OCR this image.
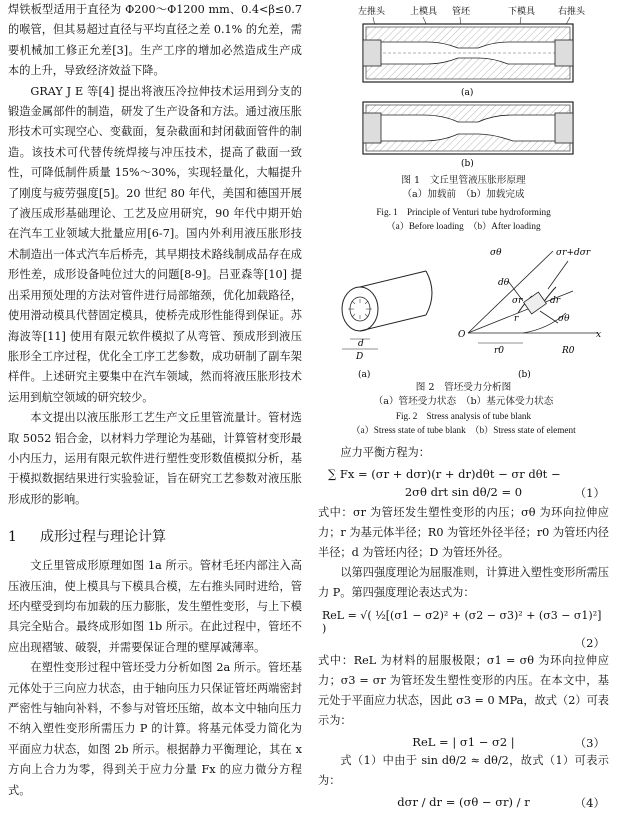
焊铁板型适用于直径为 Φ200～Φ1200 mm、0.4<β≤0.7 的喉管，但其易超过直径与平均直径之差 0.1% 的允差，需要机械加工修正允差[3]。生产工序的增加必然造成生产成本的上升，导致经济效益下降。

GRAY J E 等[4] 提出将液压冷拉伸技术运用到分支的锻造金属部件的制造，研发了生产设备和方法。通过液压胀形技术可实现空心、变截面，复杂截面和封闭截面管件的制造。该技术可代替传统焊接与冲压技术，提高了截面一致性，可降低制件质量 15%～30%，实现轻量化，大幅提升了刚度与疲劳强度[5]。20 世纪 80 年代，美国和德国开展了液压成形基础理论、工艺及应用研究，90 年代中期开始在汽车工业领域大批量应用[6-7]。国内外利用液压胀形技术制造出一体式汽车后桥壳，其早期技术路线制成品存在成形性差，成形设备吨位过大的问题[8-9]。吕亚森等[10] 提出采用预处理的方法对管件进行局部缩颈，优化加载路径，使用滑动模具代替固定模具，使桥壳成形性能得到保证。苏海波等[11] 使用有限元软件模拟了从弯管、预成形到液压胀形全工序过程，优化全工序工艺参数，成功研制了副车架样件。上述研究主要集中在汽车领域，然而将液压胀形技术运用到航空领域的研究较少。

本文提出以液压胀形工艺生产文丘里管流量计。管材选取 5052 铝合金，以材料力学理论为基础，计算管材变形最小内压力，运用有限元软件进行塑性变形数值模拟分析，基于模拟数据结果进行实验验证，旨在研究工艺参数对液压胀形成形的影响。

1 成形过程与理论计算

文丘里管成形原理如图 1a 所示。管材毛坯内部注入高压液压油，使上模具与下模具合模，左右推头同时进给，管坯内壁受到均布加载的压力膨胀，发生塑性变形，与上下模具完全贴合。最终成形如图 1b 所示。在此过程中，管坯不应出现褶皱、破裂，并需要保证合理的壁厚减薄率。

在塑性变形过程中管坯受力分析如图 2a 所示。管坯基元体处于三向应力状态，由于轴向压力只保证管坯两端密封严密性与轴向补料，不参与对管坯压缩，故本文中轴向压力不纳入塑性变形所需压力 P 的计算。将基元体受力简化为平面应力状态，如图 2b 所示。根据静力平衡理论，其在 x 方向上合力为零，得到关于应力分量 Fx 的应力微分方程式。

左推头	上模具 管坯	下模具	右推头
(a)
(b)

图 1　文丘里管液压胀形原理

（a）加载前　（b）加载完成

Fig. 1　Principle of Venturi tube hydroforming

（a）Before loading　（b）After loading

d
D
(a)
σθ	σr+dσr
dθ
σr
r
dr
σθ
O	x
r0	R0
(b)

图 2　管坯受力分析图

（a）管坯受力状态　（b）基元体受力状态

Fig. 2　Stress analysis of tube blank

（a）Stress state of tube blank　（b）Stress state of element

应力平衡方程为：

∑ Fx = (σr + dσr)(r + dr)dθt − σr dθt −

2σθ drt sin dθ/2 = 0	（1）

式中：σr 为管坯发生塑性变形的内压；σθ 为环向拉伸应力；r 为基元体半径；R0 为管坯外径半径；r0 为管坯内径半径；d 为管坯内径；D 为管坯外径。

以第四强度理论为屈服准则，计算进入塑性变形所需压力 P。第四强度理论表达式为：

ReL = √( ½[(σ1 − σ2)² + (σ2 − σ3)² + (σ3 − σ1)²] )

（2）

式中：ReL 为材料的屈服极限；σ1 = σθ 为环向拉伸应力；σ3 = σr 为管坯发生塑性变形的内压。在本文中，基元处于平面应力状态，因此 σ3 = 0 MPa，故式（2）可表示为：

ReL = | σ1 − σ2 |	（3）

式（1）中由于 sin dθ/2 ≈ dθ/2，故式（1）可表示为：

dσr / dr = (σθ − σr) / r	（4）
